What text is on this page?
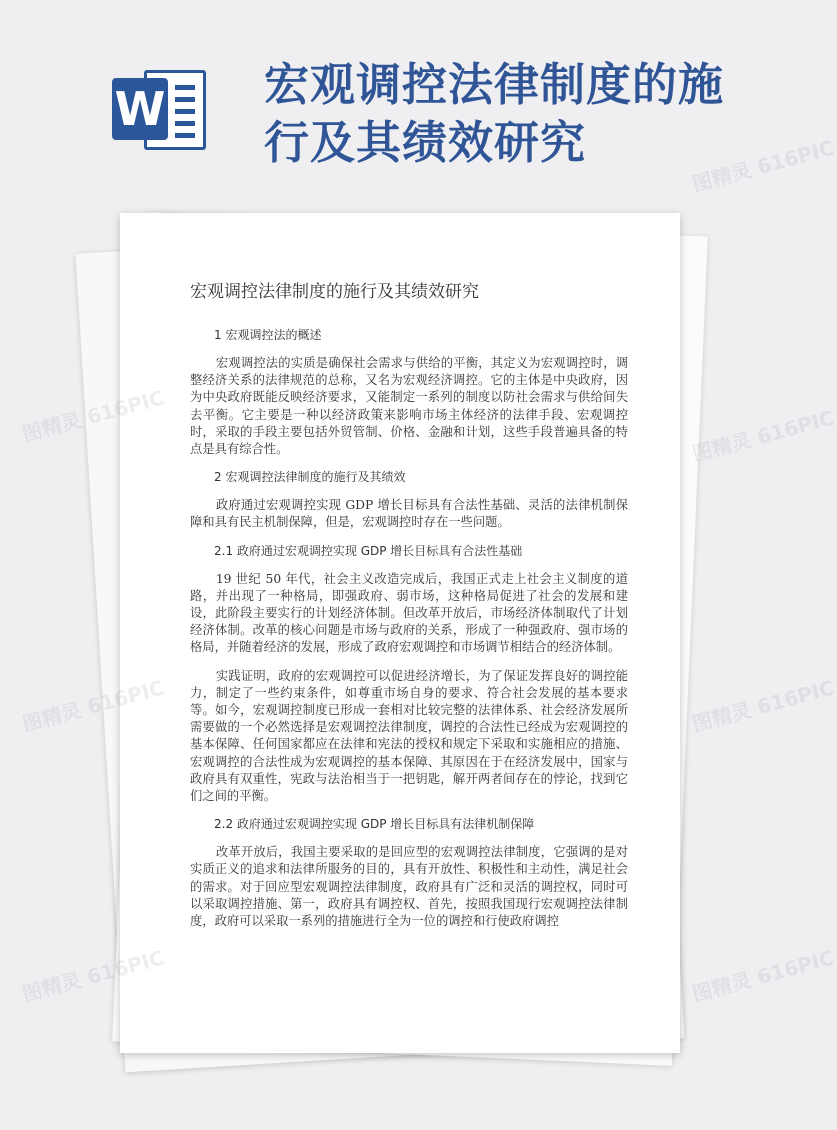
W 宏观调控法律制度的施行及其绩效研究	图精灵 616PIC
图精灵	图精灵 616PIC
图精灵 616PIC	图精灵 616PIC
图精灵 616PIC	图精灵 616PIC
宏观调控法律制度的施行及其绩效研究
1 宏观调控法的概述

宏观调控法的实质是确保社会需求与供给的平衡，其定义为宏观调控时，调整经济关系的法律规范的总称，又名为宏观经济调控。它的主体是中央政府，因为中央政府既能反映经济要求，又能制定一系列的制度以防社会需求与供给间失去平衡。它主要是一种以经济政策来影响市场主体经济的法律手段、宏观调控时，采取的手段主要包括外贸管制、价格、金融和计划，这些手段普遍具备的特点是具有综合性。

2 宏观调控法律制度的施行及其绩效

政府通过宏观调控实现 GDP 增长目标具有合法性基础、灵活的法律机制保障和具有民主机制保障，但是，宏观调控时存在一些问题。

2.1 政府通过宏观调控实现 GDP 增长目标具有合法性基础

19 世纪 50 年代，社会主义改造完成后，我国正式走上社会主义制度的道路，并出现了一种格局，即强政府、弱市场，这种格局促进了社会的发展和建设，此阶段主要实行的计划经济体制。但改革开放后，市场经济体制取代了计划经济体制。改革的核心问题是市场与政府的关系，形成了一种强政府、强市场的格局，并随着经济的发展，形成了政府宏观调控和市场调节相结合的经济体制。

实践证明，政府的宏观调控可以促进经济增长，为了保证发挥良好的调控能力，制定了一些约束条件，如尊重市场自身的要求、符合社会发展的基本要求等。如今，宏观调控制度已形成一套相对比较完整的法律体系、社会经济发展所需要做的一个必然选择是宏观调控法律制度，调控的合法性已经成为宏观调控的基本保障、任何国家都应在法律和宪法的授权和规定下采取和实施相应的措施、宏观调控的合法性成为宏观调控的基本保障、其原因在于在经济发展中，国家与政府具有双重性，宪政与法治相当于一把钥匙，解开两者间存在的悖论，找到它们之间的平衡。

2.2 政府通过宏观调控实现 GDP 增长目标具有法律机制保障

改革开放后，我国主要采取的是回应型的宏观调控法律制度，它强调的是对实质正义的追求和法律所服务的目的，具有开放性、积极性和主动性，满足社会的需求。对于回应型宏观调控法律制度，政府具有广泛和灵活的调控权，同时可以采取调控措施、第一，政府具有调控权、首先，按照我国现行宏观调控法律制度，政府可以采取一系列的措施进行全为一位的调控和行使政府调控
